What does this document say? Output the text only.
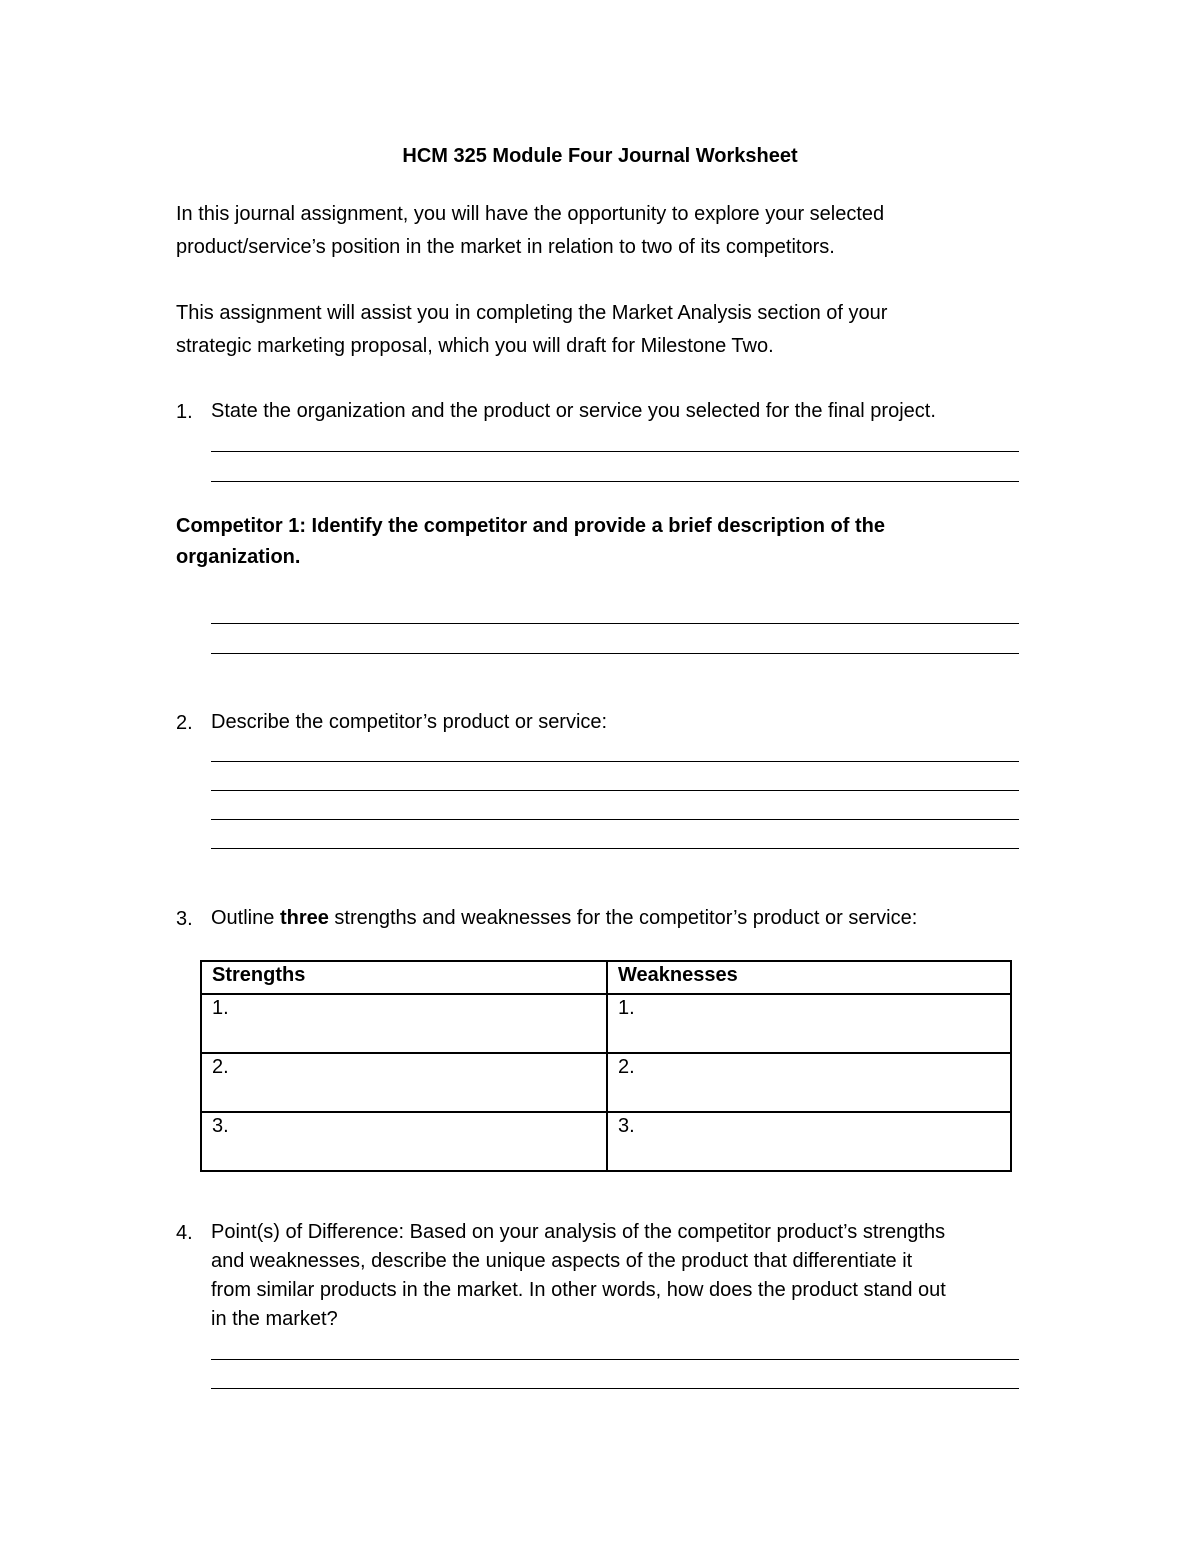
HCM 325 Module Four Journal Worksheet
In this journal assignment, you will have the opportunity to explore your selected
product/service’s position in the market in relation to two of its competitors.
This assignment will assist you in completing the Market Analysis section of your
strategic marketing proposal, which you will draft for Milestone Two.
1. State the organization and the product or service you selected for the final project.
Competitor 1: Identify the competitor and provide a brief description of the
organization.
2. Describe the competitor’s product or service:
3. Outline three strengths and weaknesses for the competitor’s product or service:
Strengths	Weaknesses
1.	1.
2.	2.
3.	3.
4. Point(s) of Difference: Based on your analysis of the competitor product’s strengths
and weaknesses, describe the unique aspects of the product that differentiate it
from similar products in the market. In other words, how does the product stand out
in the market?
